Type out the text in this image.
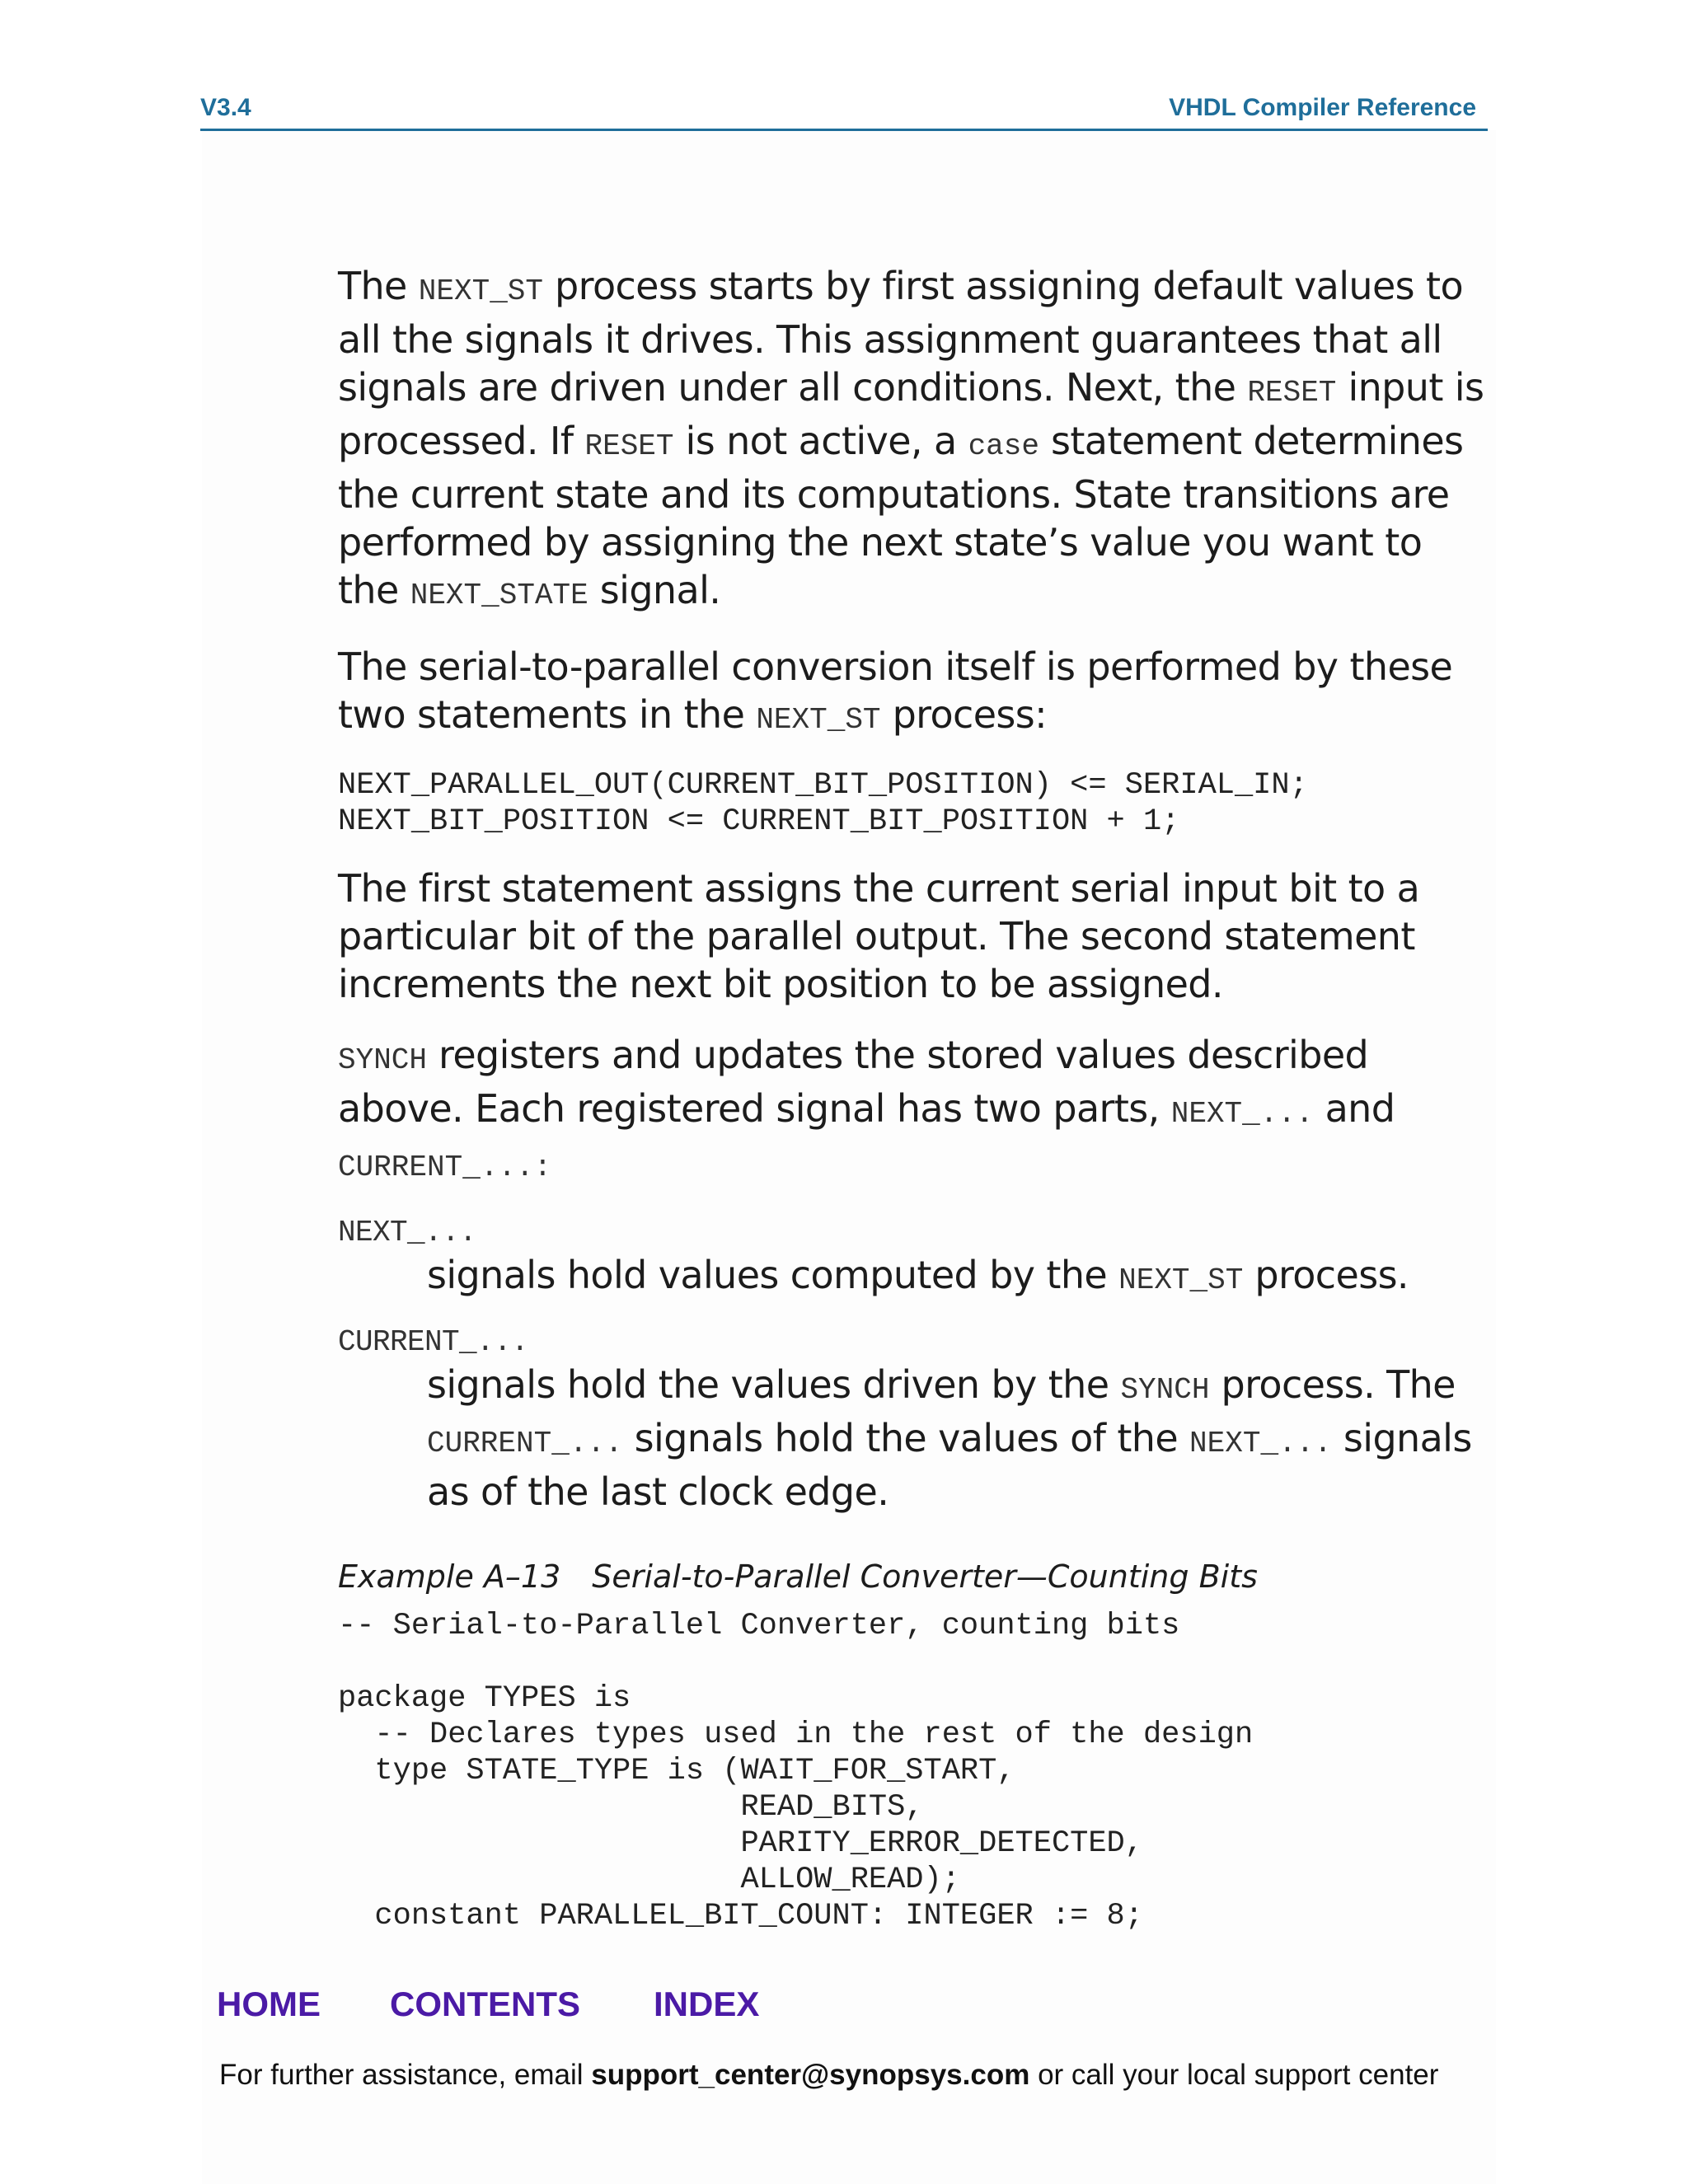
V3.4	VHDL Compiler Reference

The NEXT_ST process starts by first assigning default values to all the signals it drives. This assignment guarantees that all signals are driven under all conditions. Next, the RESET input is processed. If RESET is not active, a case statement determines the current state and its computations. State transitions are performed by assigning the next state’s value you want to the NEXT_STATE signal.

The serial-to-parallel conversion itself is performed by these two statements in the NEXT_ST process:

NEXT_PARALLEL_OUT(CURRENT_BIT_POSITION) <= SERIAL_IN;
NEXT_BIT_POSITION <= CURRENT_BIT_POSITION + 1;

The first statement assigns the current serial input bit to a particular bit of the parallel output. The second statement increments the next bit position to be assigned.

SYNCH registers and updates the stored values described above. Each registered signal has two parts, NEXT_... and
CURRENT_...:

NEXT_...
signals hold values computed by the NEXT_ST process.
CURRENT_...
signals hold the values driven by the SYNCH process. The CURRENT_... signals hold the values of the NEXT_... signals as of the last clock edge.
Example A–13 Serial-to-Parallel Converter—Counting Bits
-- Serial-to-Parallel Converter, counting bits

package TYPES is
-- Declares types used in the rest of the design
type STATE_TYPE is (WAIT_FOR_START,
READ_BITS,
PARITY_ERROR_DETECTED,
ALLOW_READ);
constant PARALLEL_BIT_COUNT: INTEGER := 8;
HOME CONTENTS INDEX
For further assistance, email support_center@synopsys.com or call your local support center
